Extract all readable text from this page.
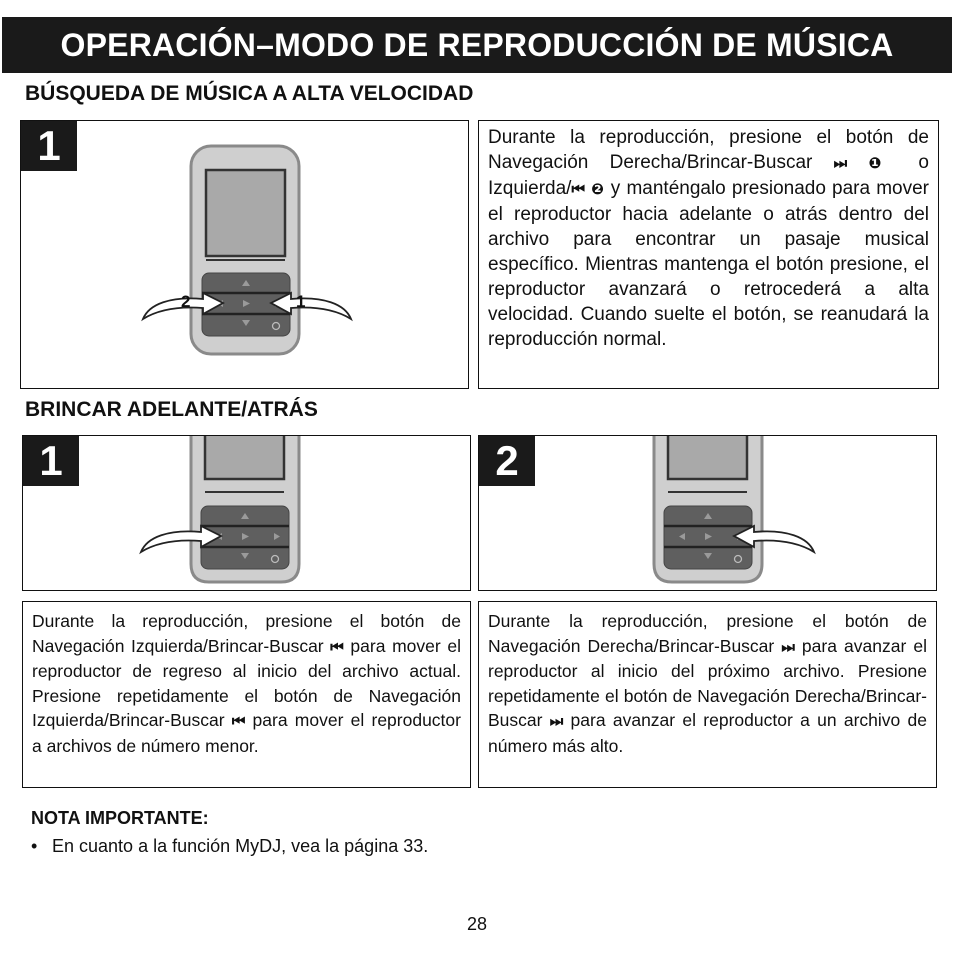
OPERACIÓN–MODO DE REPRODUCCIÓN DE MÚSICA
BÚSQUEDA DE MÚSICA A ALTA VELOCIDAD
1
2	1
Durante la reproducción, presione el botón de Navegación Derecha/Brincar-Buscar ⏭ ❶ o Izquierda/⏮ ❷ y manténgalo presionado para mover el reproductor hacia adelante o atrás dentro del archivo para encontrar un pasaje musical específico. Mientras mantenga el botón presione, el reproductor avanzará o retrocederá a alta velocidad. Cuando suelte el botón, se reanudará la reproducción normal.
BRINCAR ADELANTE/ATRÁS
1	2
Durante la reproducción, presione el botón de Navegación Izquierda/Brincar-Buscar ⏮ para mover el reproductor de regreso al inicio del archivo actual. Presione repetidamente el botón de Navegación Izquierda/Brincar-Buscar ⏮ para mover el reproductor a archivos de número menor.
Durante la reproducción, presione el botón de Navegación Derecha/Brincar-Buscar ⏭ para avanzar el reproductor al inicio del próximo archivo. Presione repetidamente el botón de Navegación Derecha/Brincar-Buscar ⏭ para avanzar el reproductor a un archivo de número más alto.
NOTA IMPORTANTE:
• En cuanto a la función MyDJ, vea la página 33.
28
